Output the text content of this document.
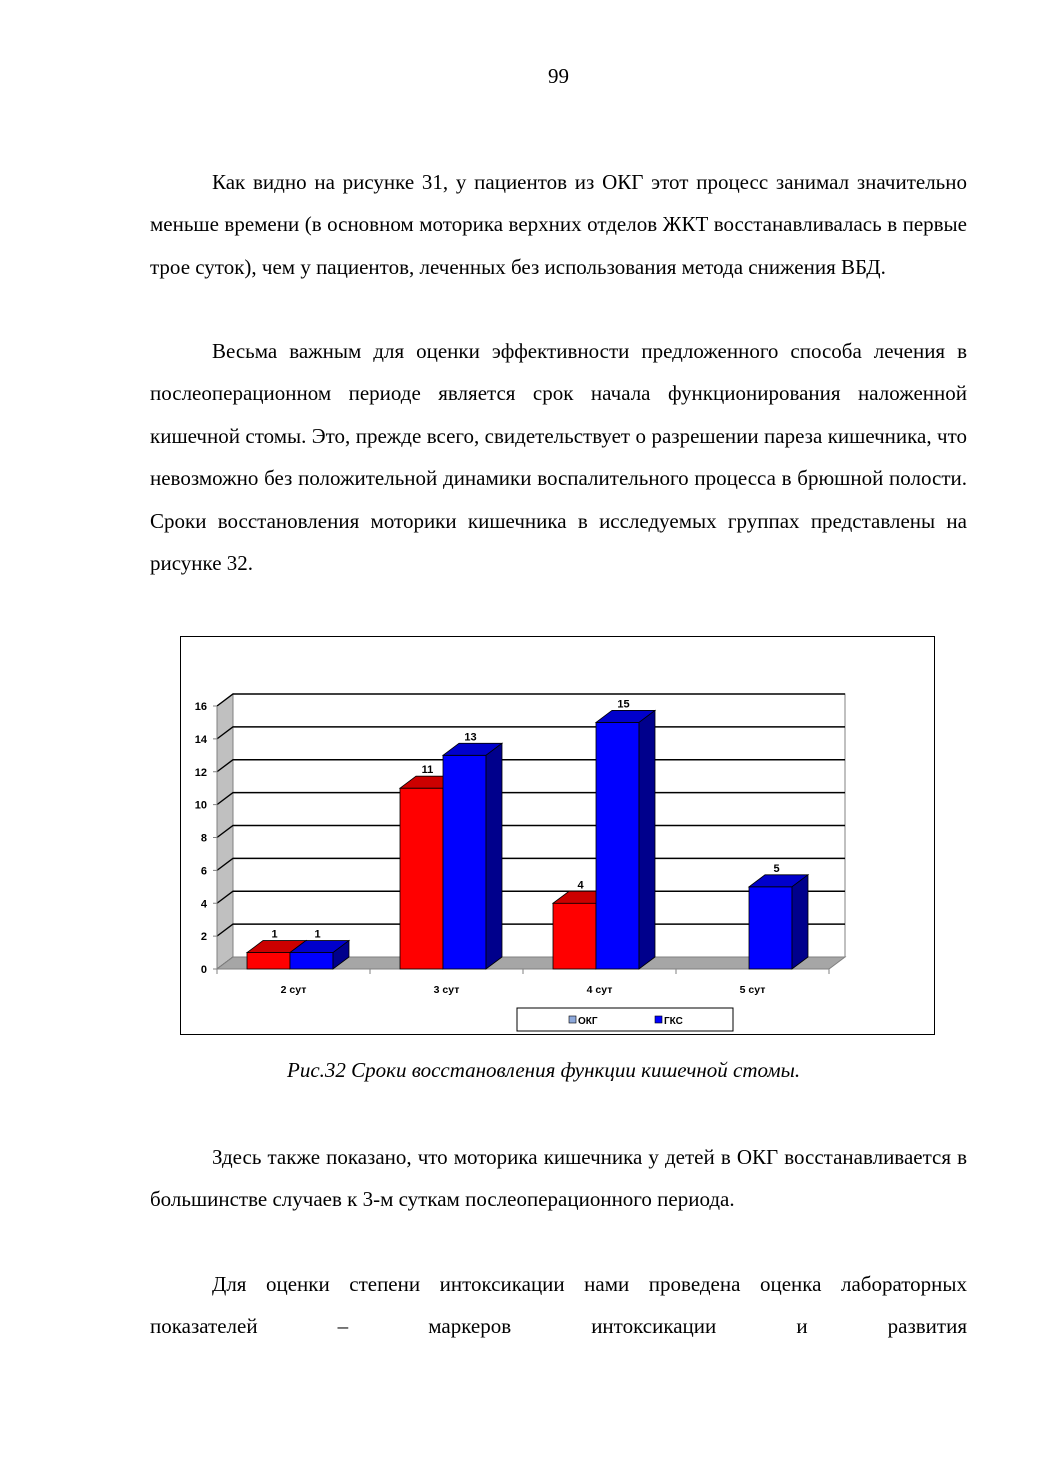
99

Как видно на рисунке 31, у пациентов из ОКГ этот процесс занимал значительно меньше времени (в основном моторика верхних отделов ЖКТ восстанавливалась в первые трое суток), чем у пациентов, леченных без использования метода снижения ВБД.

Весьма важным для оценки эффективности предложенного способа лечения в послеоперационном периоде является срок начала функционирования наложенной кишечной стомы. Это, прежде всего, свидетельствует о разрешении пареза кишечника, что невозможно без положительной динамики воспалительного процесса в брюшной полости. Сроки восстановления моторики кишечника в исследуемых группах представлены на рисунке 32.

0
2
4
6
8
10
12
14
16
2 сут	3 сут	4 сут	5 сут
1	1
11
13
4
15
5
ОКГ	ГКС
Рис.32 Сроки восстановления функции кишечной стомы.

Здесь также показано, что моторика кишечника у детей в ОКГ восстанавливается в большинстве случаев к 3-м суткам послеоперационного периода.

Для оценки степени интоксикации нами проведена оценка лабораторных показателей – маркеров интоксикации и развития
